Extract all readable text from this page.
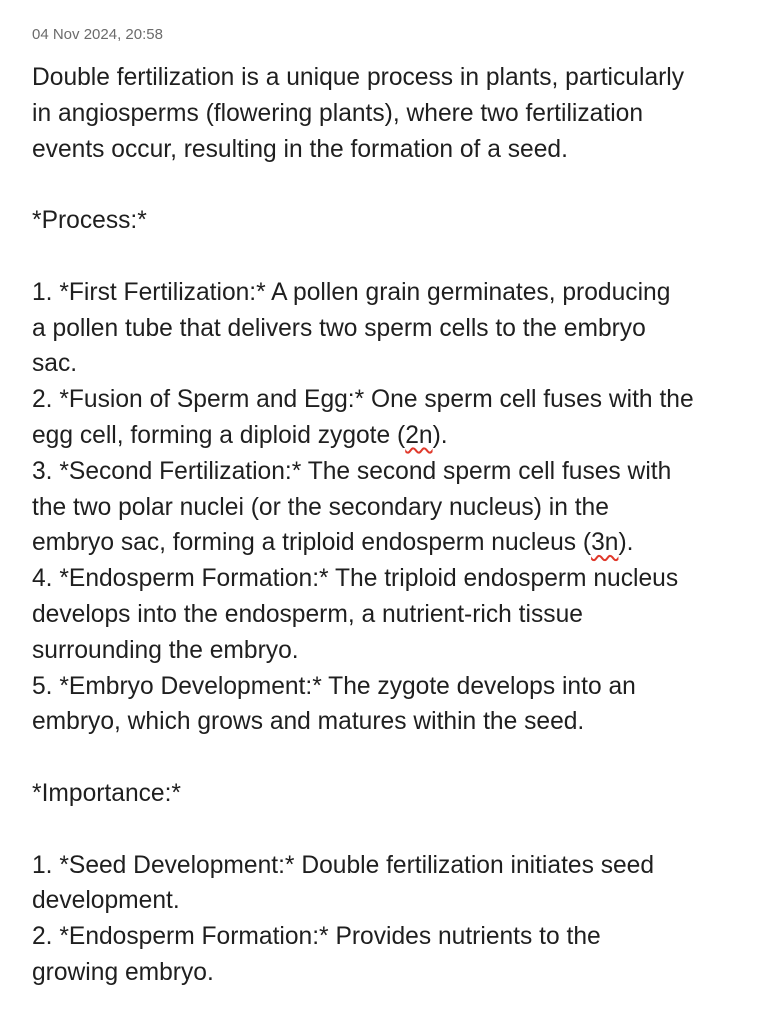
04 Nov 2024, 20:58
Double fertilization is a unique process in plants, particularly
in angiosperms (flowering plants), where two fertilization
events occur, resulting in the formation of a seed.
*Process:*
1. *First Fertilization:* A pollen grain germinates, producing
a pollen tube that delivers two sperm cells to the embryo
sac.
2. *Fusion of Sperm and Egg:* One sperm cell fuses with the
egg cell, forming a diploid zygote (2n).
3. *Second Fertilization:* The second sperm cell fuses with
the two polar nuclei (or the secondary nucleus) in the
embryo sac, forming a triploid endosperm nucleus (3n).
4. *Endosperm Formation:* The triploid endosperm nucleus
develops into the endosperm, a nutrient-rich tissue
surrounding the embryo.
5. *Embryo Development:* The zygote develops into an
embryo, which grows and matures within the seed.
*Importance:*
1. *Seed Development:* Double fertilization initiates seed
development.
2. *Endosperm Formation:* Provides nutrients to the
growing embryo.
